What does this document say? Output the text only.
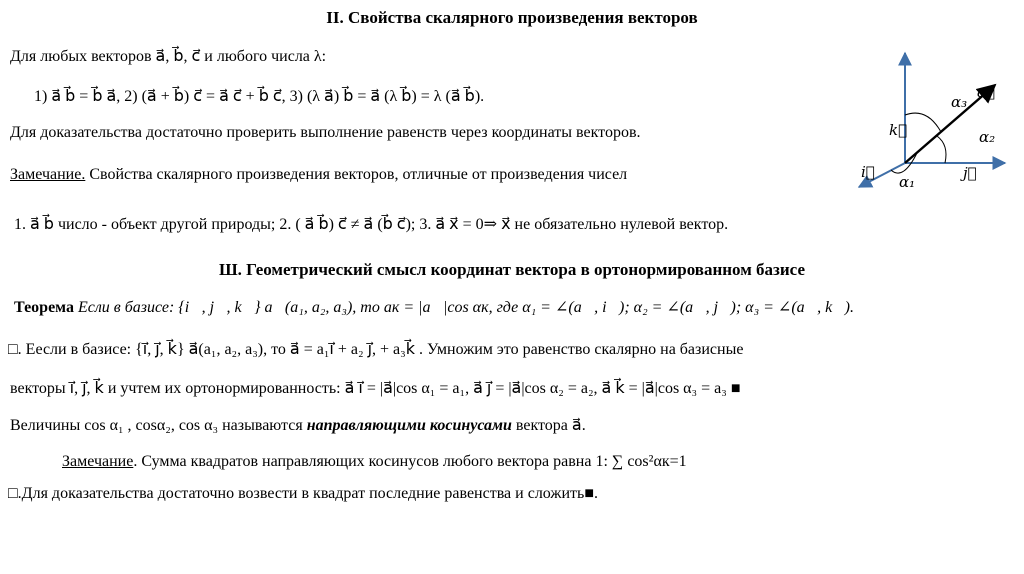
II. Свойства скалярного произведения векторов
Для любых векторов a⃗, b⃗, c⃗ и любого числа λ:
1) a⃗ b⃗ = b⃗ a⃗, 2) (a⃗ + b⃗) c⃗ = a⃗ c⃗ + b⃗ c⃗, 3) (λ a⃗) b⃗ = a⃗ (λ b⃗) = λ (a⃗ b⃗).
Для доказательства достаточно проверить выполнение равенств через координаты векторов.
Замечание. Свойства скалярного произведения векторов, отличные от произведения чисел
1. a⃗ b⃗ число - объект другой природы; 2. ( a⃗ b⃗) c⃗ ≠ a⃗ (b⃗ c⃗); 3. a⃗ x⃗ = 0⇒ x⃗ не обязательно нулевой вектор.
Ш. Геометрический смысл координат вектора в ортонормированном базисе
Теорема Если в базисе: {i⃗, j⃗, k⃗} a⃗(a₁, a₂, a₃), то aк = |a⃗|cos αк, где α₁ = ∠(a⃗, i⃗); α₂ = ∠(a⃗, j⃗); α₃ = ∠(a⃗, k⃗).
□. Еесли в базисе: {i⃗, j⃗, k⃗} a⃗(a₁, a₂, a₃), то a⃗ = a₁i⃗ + a₂ j⃗, + a₃k⃗ . Умножим это равенство скалярно на базисные
векторы i⃗, j⃗, k⃗ и учтем их ортонормированность: a⃗ i⃗ = |a⃗|cos α₁ = a₁, a⃗ j⃗ = |a⃗|cos α₂ = a₂, a⃗ k⃗ = |a⃗|cos α₃ = a₃ ■
Величины cos α₁ , cosα₂, cos α₃ называются направляющими косинусами вектора a⃗.
Замечание. Сумма квадратов направляющих косинусов любого вектора равна 1: ∑ cos²αк=1
□.Для доказательства достаточно возвести в квадрат последние равенства и сложить■.
α₃
a⃗
k⃗	α₂
i⃗	j⃗
α₁
